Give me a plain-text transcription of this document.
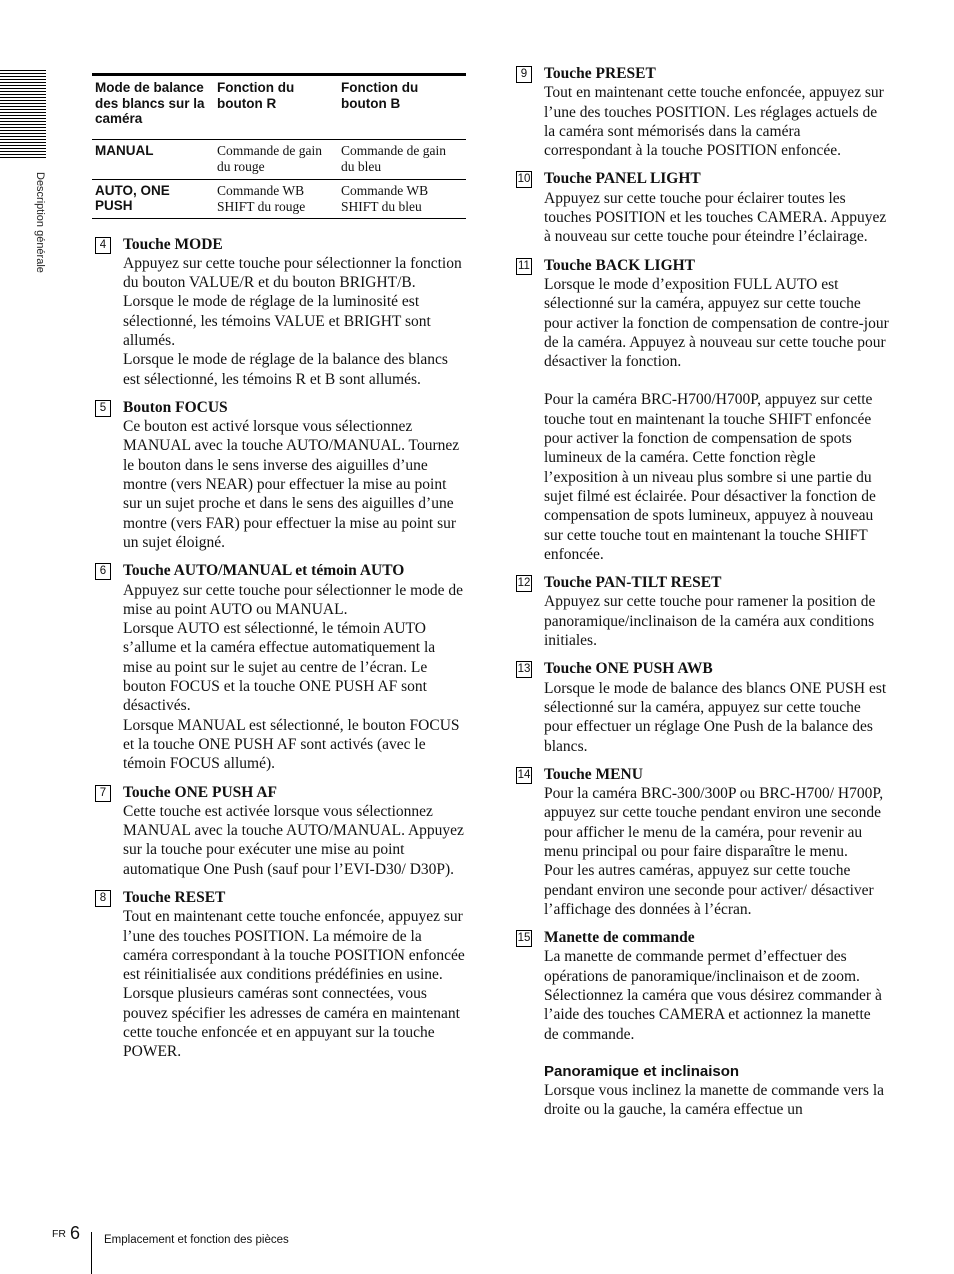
Description générale
Mode de balance des blancs sur la caméra	Fonction du bouton R	Fonction du bouton B
MANUAL	Commande de gain du rouge	Commande de gain du bleu
AUTO, ONE PUSH	Commande WB SHIFT du rouge	Commande WB SHIFT du bleu
4	Touche MODE

Appuyez sur cette touche pour sélectionner la fonction du bouton VALUE/R et du bouton BRIGHT/B.

Lorsque le mode de réglage de la luminosité est sélectionné, les témoins VALUE et BRIGHT sont allumés.

Lorsque le mode de réglage de la balance des blancs est sélectionné, les témoins R et B sont allumés.

5	Bouton FOCUS

Ce bouton est activé lorsque vous sélectionnez MANUAL avec la touche AUTO/MANUAL. Tournez le bouton dans le sens inverse des aiguilles d’une montre (vers NEAR) pour effectuer la mise au point sur un sujet proche et dans le sens des aiguilles d’une montre (vers FAR) pour effectuer la mise au point sur un sujet éloigné.

6	Touche AUTO/MANUAL et témoin AUTO

Appuyez sur cette touche pour sélectionner le mode de mise au point AUTO ou MANUAL.

Lorsque AUTO est sélectionné, le témoin AUTO s’allume et la caméra effectue automatiquement la mise au point sur le sujet au centre de l’écran. Le bouton FOCUS et la touche ONE PUSH AF sont désactivés.

Lorsque MANUAL est sélectionné, le bouton FOCUS et la touche ONE PUSH AF sont activés (avec le témoin FOCUS allumé).

7	Touche ONE PUSH AF

Cette touche est activée lorsque vous sélectionnez MANUAL avec la touche AUTO/MANUAL. Appuyez sur la touche pour exécuter une mise au point automatique One Push (sauf pour l’EVI-D30/ D30P).

8	Touche RESET

Tout en maintenant cette touche enfoncée, appuyez sur l’une des touches POSITION. La mémoire de la caméra correspondant à la touche POSITION enfoncée est réinitialisée aux conditions prédéfinies en usine.

Lorsque plusieurs caméras sont connectées, vous pouvez spécifier les adresses de caméra en maintenant cette touche enfoncée et en appuyant sur la touche POWER.

9	Touche PRESET

Tout en maintenant cette touche enfoncée, appuyez sur l’une des touches POSITION. Les réglages actuels de la caméra sont mémorisés dans la caméra correspondant à la touche POSITION enfoncée.

10 Touche PANEL LIGHT

Appuyez sur cette touche pour éclairer toutes les touches POSITION et les touches CAMERA. Appuyez à nouveau sur cette touche pour éteindre l’éclairage.

11 Touche BACK LIGHT

Lorsque le mode d’exposition FULL AUTO est sélectionné sur la caméra, appuyez sur cette touche pour activer la fonction de compensation de contre-jour de la caméra. Appuyez à nouveau sur cette touche pour désactiver la fonction.

Pour la caméra BRC-H700/H700P, appuyez sur cette touche tout en maintenant la touche SHIFT enfoncée pour activer la fonction de compensation de spots lumineux de la caméra. Cette fonction règle l’exposition à un niveau plus sombre si une partie du sujet filmé est éclairée. Pour désactiver la fonction de compensation de spots lumineux, appuyez à nouveau sur cette touche tout en maintenant la touche SHIFT enfoncée.

12 Touche PAN-TILT RESET

Appuyez sur cette touche pour ramener la position de panoramique/inclinaison de la caméra aux conditions initiales.

13 Touche ONE PUSH AWB

Lorsque le mode de balance des blancs ONE PUSH est sélectionné sur la caméra, appuyez sur cette touche pour effectuer un réglage One Push de la balance des blancs.

14 Touche MENU

Pour la caméra BRC-300/300P ou BRC-H700/ H700P, appuyez sur cette touche pendant environ une seconde pour afficher le menu de la caméra, pour revenir au menu principal ou pour faire disparaître le menu.

Pour les autres caméras, appuyez sur cette touche pendant environ une seconde pour activer/ désactiver l’affichage des données à l’écran.

15 Manette de commande

La manette de commande permet d’effectuer des opérations de panoramique/inclinaison et de zoom. Sélectionnez la caméra que vous désirez commander à l’aide des touches CAMERA et actionnez la manette de commande.

Panoramique et inclinaison

Lorsque vous inclinez la manette de commande vers la droite ou la gauche, la caméra effectue un

FR 6 Emplacement et fonction des pièces
